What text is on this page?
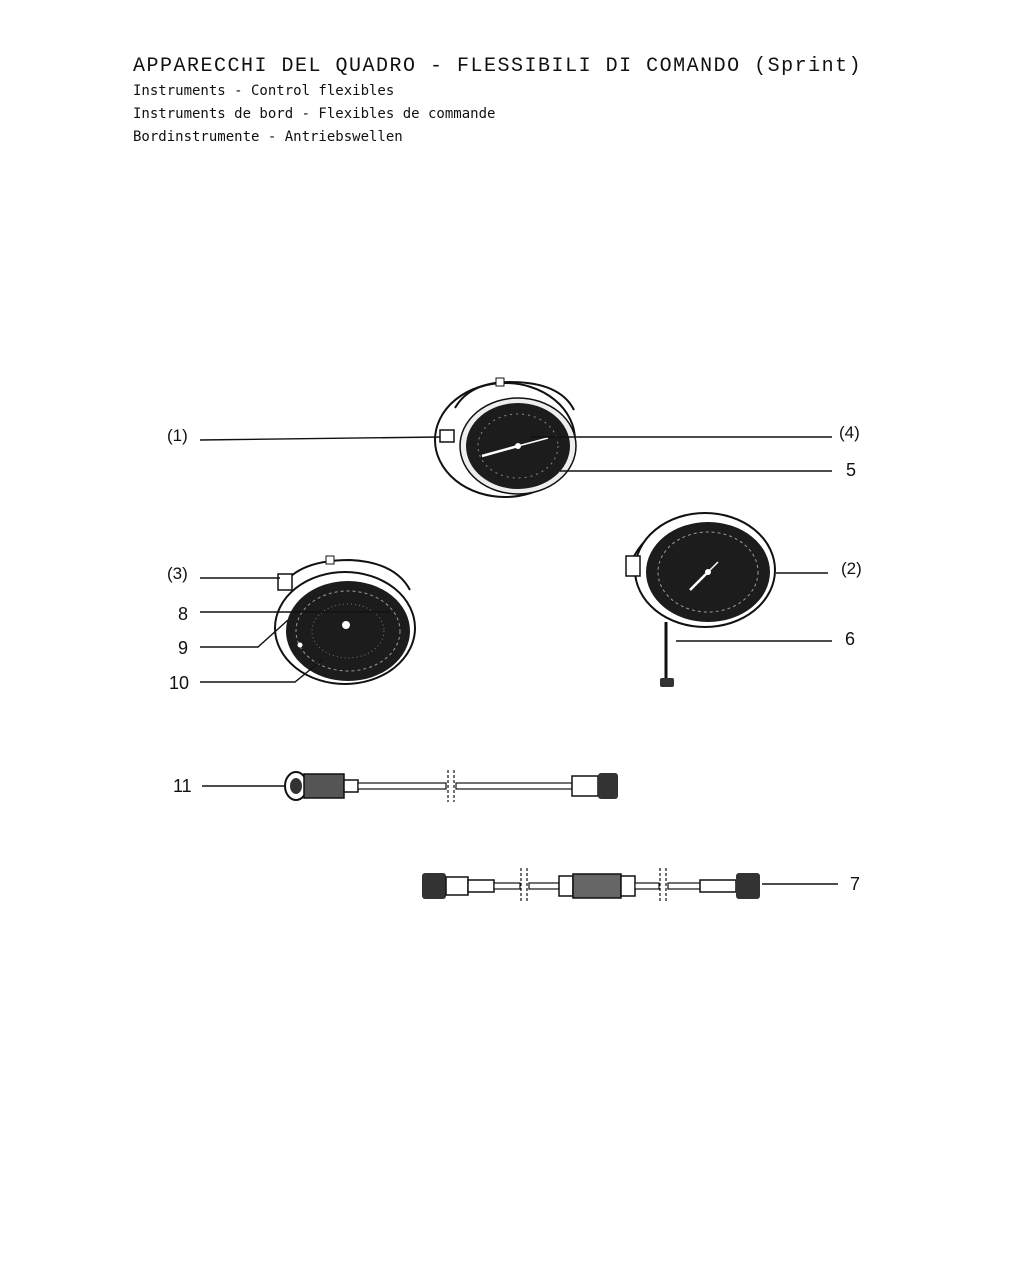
APPARECCHI DEL QUADRO - FLESSIBILI DI COMANDO (Sprint)

Instruments - Control flexibles

Instruments de bord - Flexibles de commande

Bordinstrumente - Antriebswellen

(1)	(4)
5
(3)	(2)
8
9
10
6
11
7
